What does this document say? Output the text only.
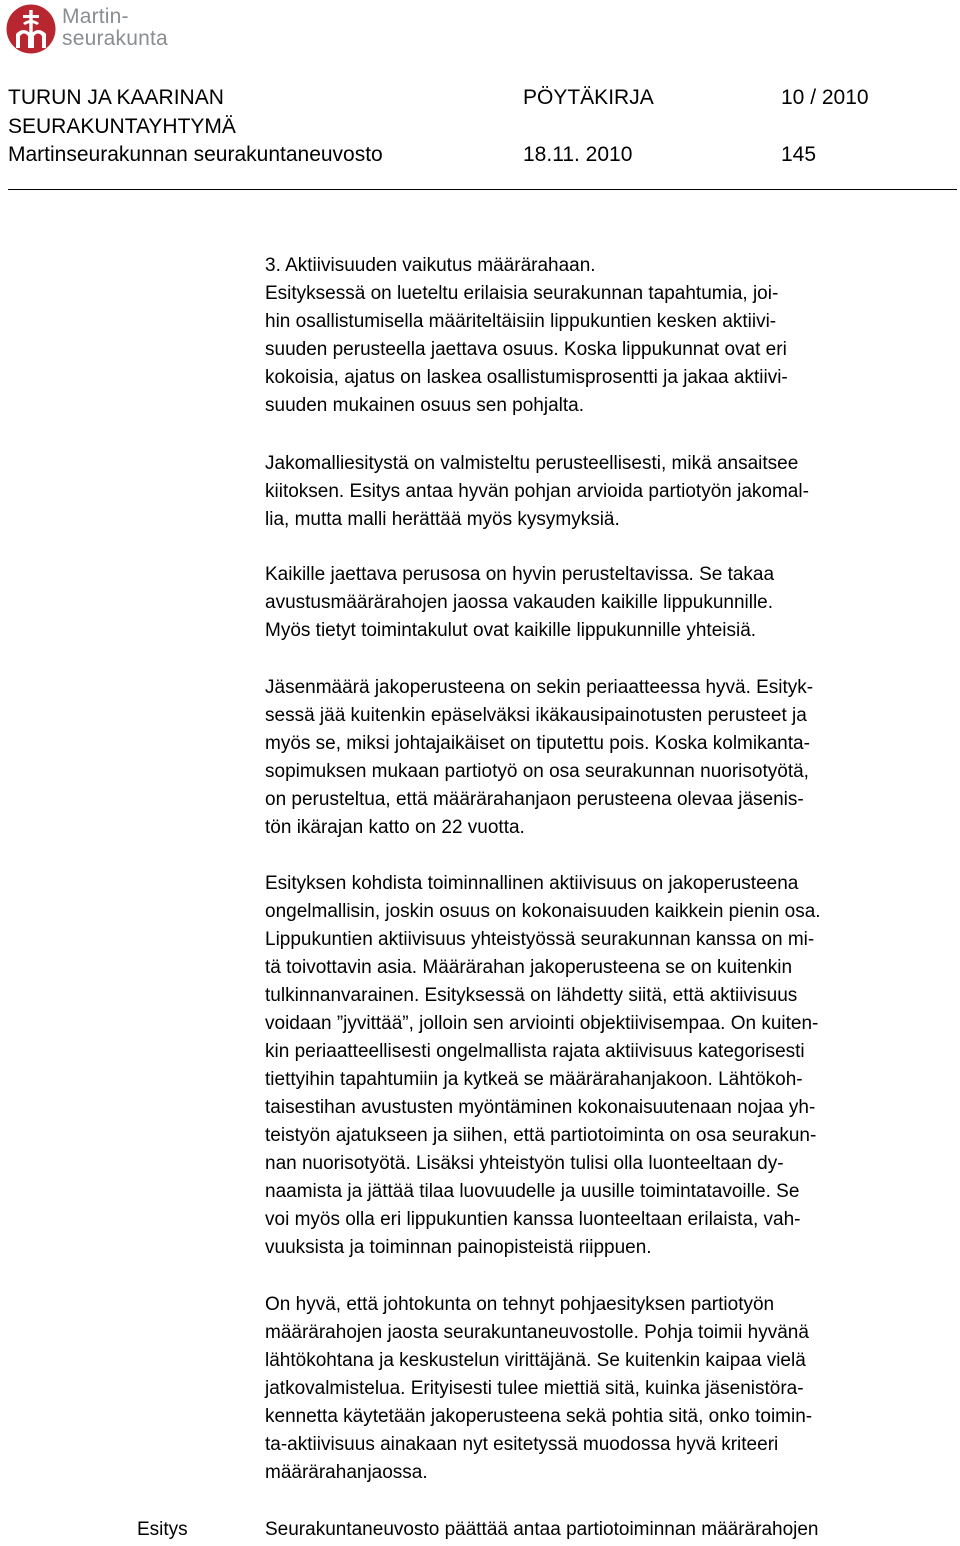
Martin-
seurakunta
TURUN JA KAARINAN
SEURAKUNTAYHTYMÄ
Martinseurakunnan seurakuntaneuvosto
PÖYTÄKIRJA
18.11. 2010
10 / 2010
145

3. Aktiivisuuden vaikutus määrärahaan.

Esityksessä on lueteltu erilaisia seurakunnan tapahtumia, joi-

hin osallistumisella määriteltäisiin lippukuntien kesken aktiivi-

suuden perusteella jaettava osuus. Koska lippukunnat ovat eri

kokoisia, ajatus on laskea osallistumisprosentti ja jakaa aktiivi-

suuden mukainen osuus sen pohjalta.

Jakomalliesitystä on valmisteltu perusteellisesti, mikä ansaitsee

kiitoksen. Esitys antaa hyvän pohjan arvioida partiotyön jakomal-

lia, mutta malli herättää myös kysymyksiä.

Kaikille jaettava perusosa on hyvin perusteltavissa. Se takaa

avustusmäärärahojen jaossa vakauden kaikille lippukunnille.

Myös tietyt toimintakulut ovat kaikille lippukunnille yhteisiä.

Jäsenmäärä jakoperusteena on sekin periaatteessa hyvä. Esityk-

sessä jää kuitenkin epäselväksi ikäkausipainotusten perusteet ja

myös se, miksi johtajaikäiset on tiputettu pois. Koska kolmikanta-

sopimuksen mukaan partiotyö on osa seurakunnan nuorisotyötä,

on perusteltua, että määrärahanjaon perusteena olevaa jäsenis-

tön ikärajan katto on 22 vuotta.

Esityksen kohdista toiminnallinen aktiivisuus on jakoperusteena

ongelmallisin, joskin osuus on kokonaisuuden kaikkein pienin osa.

Lippukuntien aktiivisuus yhteistyössä seurakunnan kanssa on mi-

tä toivottavin asia. Määrärahan jakoperusteena se on kuitenkin

tulkinnanvarainen. Esityksessä on lähdetty siitä, että aktiivisuus

voidaan ”jyvittää”, jolloin sen arviointi objektiivisempaa. On kuiten-

kin periaatteellisesti ongelmallista rajata aktiivisuus kategorisesti

tiettyihin tapahtumiin ja kytkeä se määrärahanjakoon. Lähtökoh-

taisestihan avustusten myöntäminen kokonaisuutenaan nojaa yh-

teistyön ajatukseen ja siihen, että partiotoiminta on osa seurakun-

nan nuorisotyötä. Lisäksi yhteistyön tulisi olla luonteeltaan dy-

naamista ja jättää tilaa luovuudelle ja uusille toimintatavoille. Se

voi myös olla eri lippukuntien kanssa luonteeltaan erilaista, vah-

vuuksista ja toiminnan painopisteistä riippuen.

On hyvä, että johtokunta on tehnyt pohjaesityksen partiotyön

määrärahojen jaosta seurakuntaneuvostolle. Pohja toimii hyvänä

lähtökohtana ja keskustelun virittäjänä. Se kuitenkin kaipaa vielä

jatkovalmistelua. Erityisesti tulee miettiä sitä, kuinka jäsenistöra-

kennetta käytetään jakoperusteena sekä pohtia sitä, onko toimin-

ta-aktiivisuus ainakaan nyt esitetyssä muodossa hyvä kriteeri

määrärahanjaossa.

Esitys	Seurakuntaneuvosto päättää antaa partiotoiminnan määrärahojen
